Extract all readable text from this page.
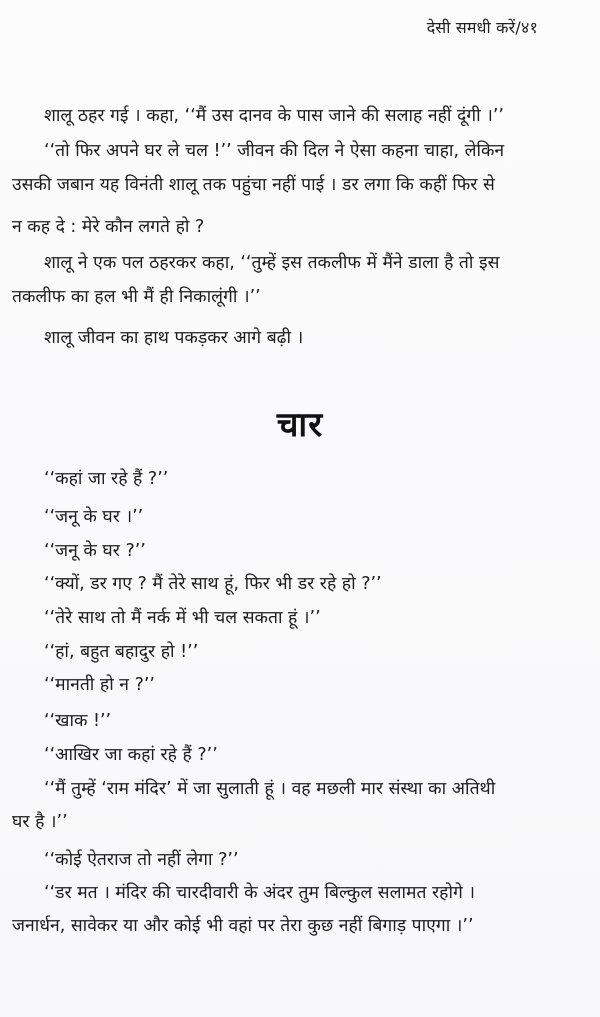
देसी समधी करें/४१
शालू ठहर गई । कहा, ‘‘मैं उस दानव के पास जाने की सलाह नहीं दूंगी ।’’
‘‘तो फिर अपने घर ले चल !’’ जीवन की दिल ने ऐसा कहना चाहा, लेकिन
उसकी जबान यह विनंती शालू तक पहुंचा नहीं पाई । डर लगा कि कहीं फिर से
न कह दे : मेरे कौन लगते हो ?
शालू ने एक पल ठहरकर कहा, ‘‘तुम्हें इस तकलीफ में मैंने डाला है तो इस
तकलीफ का हल भी मैं ही निकालूंगी ।’’
शालू जीवन का हाथ पकड़कर आगे बढ़ी ।
चार
‘‘कहां जा रहे हैं ?’’
‘‘जनू के घर ।’’
‘‘जनू के घर ?’’
‘‘क्यों, डर गए ? मैं तेरे साथ हूं, फिर भी डर रहे हो ?’’
‘‘तेरे साथ तो मैं नर्क में भी चल सकता हूं ।’’
‘‘हां, बहुत बहादुर हो !’’
‘‘मानती हो न ?’’
‘‘खाक !’’
‘‘आखिर जा कहां रहे हैं ?’’
‘‘मैं तुम्हें ‘राम मंदिर’ में जा सुलाती हूं । वह मछली मार संस्था का अतिथी
घर है ।’’
‘‘कोई ऐतराज तो नहीं लेगा ?’’
‘‘डर मत । मंदिर की चारदीवारी के अंदर तुम बिल्कुल सलामत रहोगे ।
जनार्धन, सावेकर या और कोई भी वहां पर तेरा कुछ नहीं बिगाड़ पाएगा ।’’
